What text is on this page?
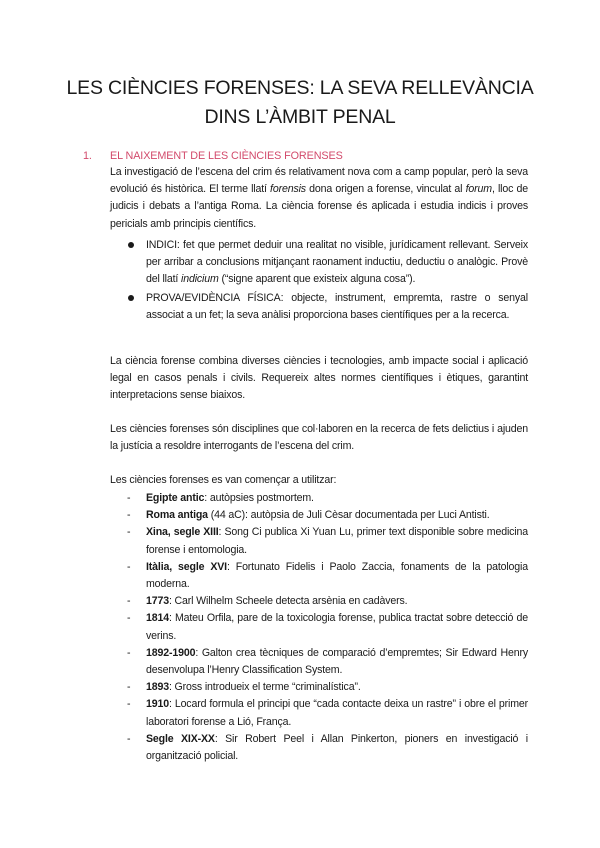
LES CIÈNCIES FORENSES: LA SEVA RELLEVÀNCIA
DINS L’ÀMBIT PENAL
1. EL NAIXEMENT DE LES CIÈNCIES FORENSES

La investigació de l’escena del crim és relativament nova com a camp popular, però la seva evolució és històrica. El terme llatí forensis dona origen a forense, vinculat al forum, lloc de judicis i debats a l’antiga Roma. La ciència forense és aplicada i estudia indicis i proves pericials amb principis científics.

INDICI: fet que permet deduir una realitat no visible, jurídicament rellevant. Serveix per arribar a conclusions mitjançant raonament inductiu, deductiu o analògic. Provè del llatí indicium (“signe aparent que existeix alguna cosa”).
PROVA/EVIDÈNCIA FÍSICA: objecte, instrument, empremta, rastre o senyal associat a un fet; la seva anàlisi proporciona bases científiques per a la recerca.

La ciència forense combina diverses ciències i tecnologies, amb impacte social i aplicació legal en casos penals i civils. Requereix altes normes científiques i ètiques, garantint interpretacions sense biaixos.

Les ciències forenses són disciplines que col·laboren en la recerca de fets delictius i ajuden la justícia a resoldre interrogants de l’escena del crim.

Les ciències forenses es van començar a utilitzar:

- Egipte antic: autòpsies postmortem.
- Roma antiga (44 aC): autòpsia de Juli Cèsar documentada per Luci Antisti.
- Xina, segle XIII: Song Ci publica Xi Yuan Lu, primer text disponible sobre medicina forense i entomologia.
- Itàlia, segle XVI: Fortunato Fidelis i Paolo Zaccia, fonaments de la patologia moderna.
- 1773: Carl Wilhelm Scheele detecta arsènia en cadàvers.
- 1814: Mateu Orfila, pare de la toxicologia forense, publica tractat sobre detecció de verins.
- 1892-1900: Galton crea tècniques de comparació d’empremtes; Sir Edward Henry desenvolupa l’Henry Classification System.
- 1893: Gross introdueix el terme “criminalística”.
- 1910: Locard formula el principi que “cada contacte deixa un rastre” i obre el primer laboratori forense a Lió, França.
- Segle XIX-XX: Sir Robert Peel i Allan Pinkerton, pioners en investigació i organització policial.
